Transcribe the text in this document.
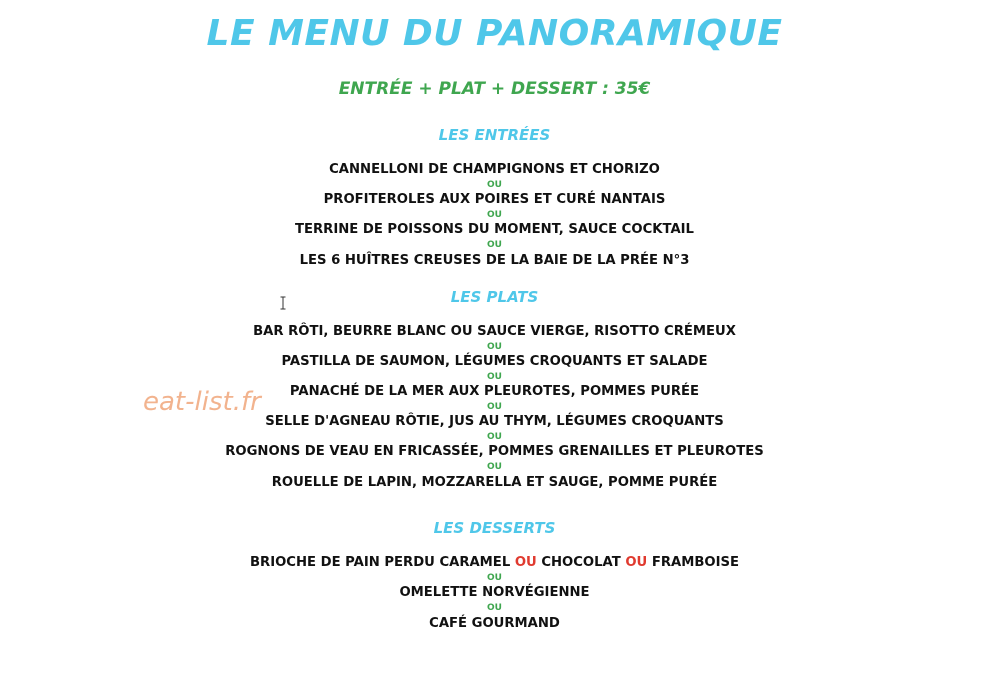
LE MENU DU PANORAMIQUE
ENTRÉE + PLAT + DESSERT : 35€
LES ENTRÉES
CANNELLONI DE CHAMPIGNONS ET CHORIZO
OU
PROFITEROLES AUX POIRES ET CURÉ NANTAIS
OU
TERRINE DE POISSONS DU MOMENT, SAUCE COCKTAIL
OU
LES 6 HUÎTRES CREUSES DE LA BAIE DE LA PRÉE N°3
LES PLATS
BAR RÔTI, BEURRE BLANC OU SAUCE VIERGE, RISOTTO CRÉMEUX
OU
PASTILLA DE SAUMON, LÉGUMES CROQUANTS ET SALADE
OU
PANACHÉ DE LA MER AUX PLEUROTES, POMMES PURÉE
OU
SELLE D'AGNEAU RÔTIE, JUS AU THYM, LÉGUMES CROQUANTS
OU
ROGNONS DE VEAU EN FRICASSÉE, POMMES GRENAILLES ET PLEUROTES
OU
ROUELLE DE LAPIN, MOZZARELLA ET SAUGE, POMME PURÉE
LES DESSERTS
BRIOCHE DE PAIN PERDU CARAMEL OU CHOCOLAT OU FRAMBOISE
OU
OMELETTE NORVÉGIENNE
OU
CAFÉ GOURMAND
eat-list.fr
